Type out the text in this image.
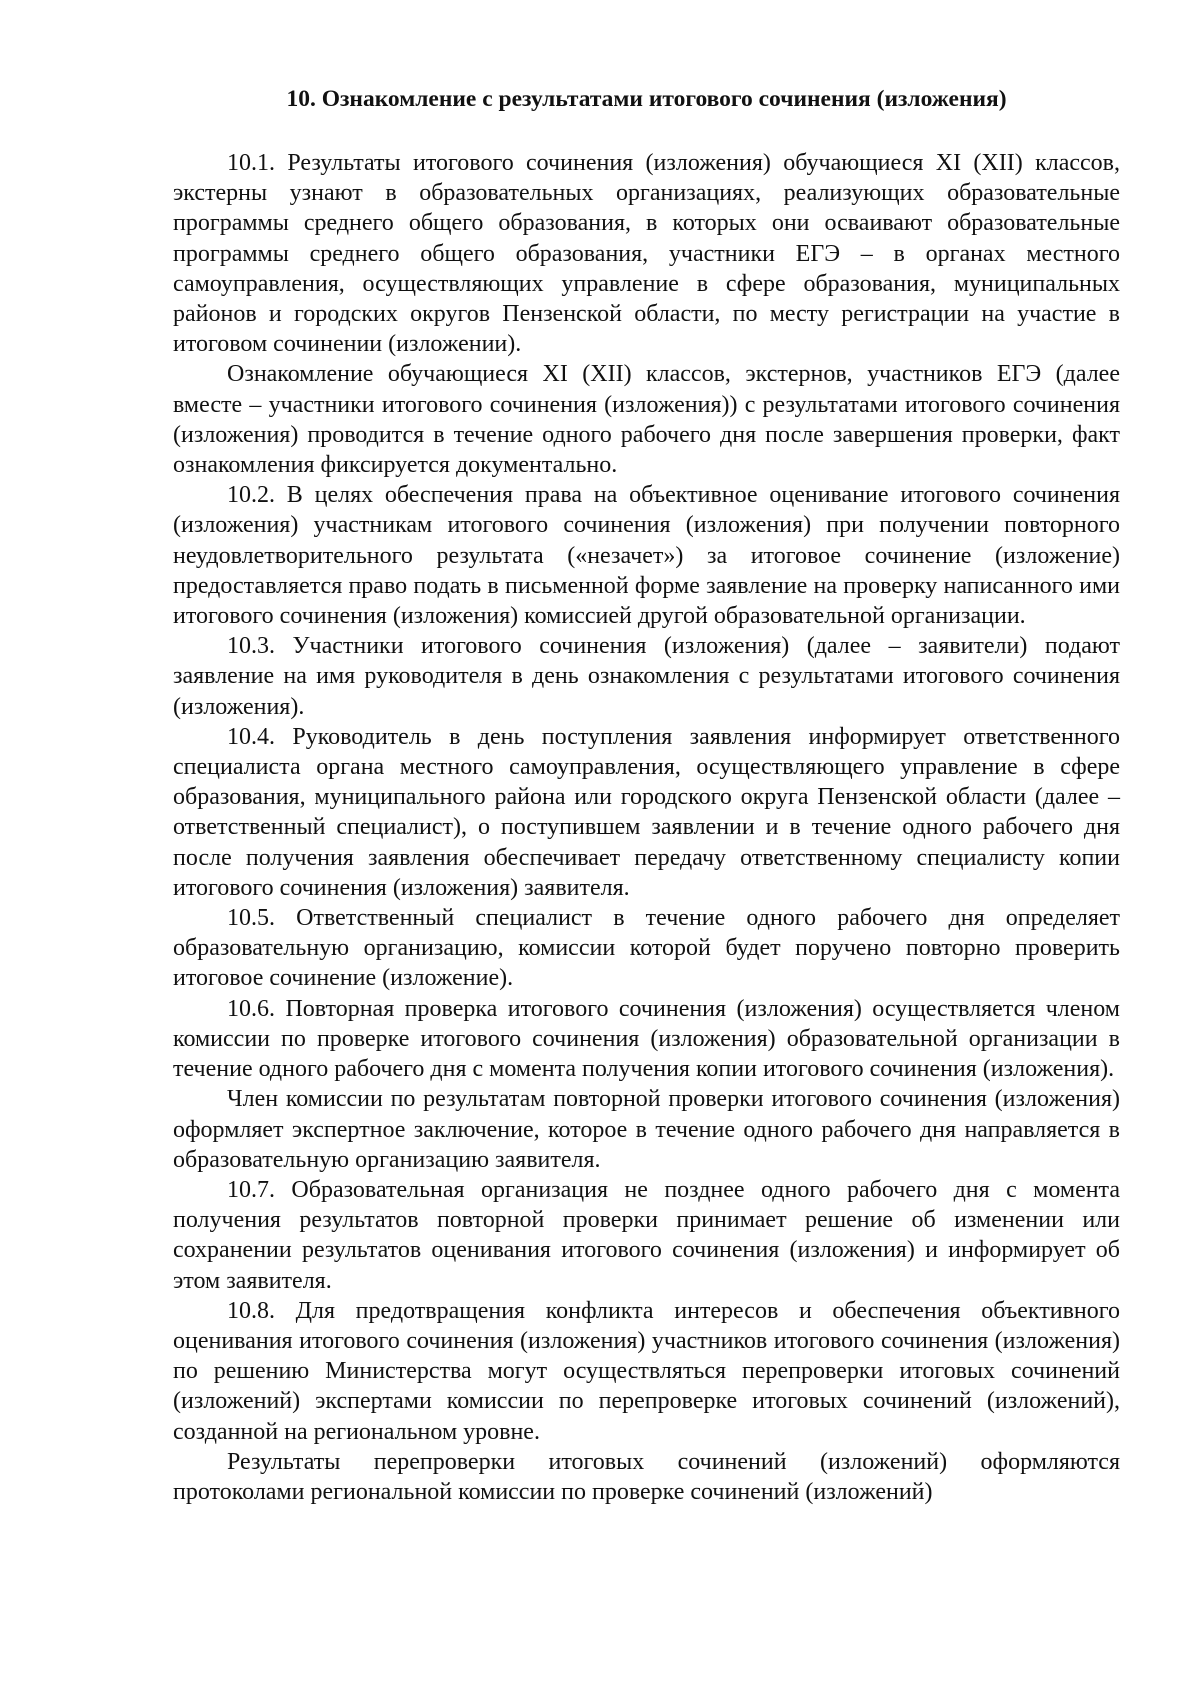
10. Ознакомление с результатами итогового сочинения (изложения)

10.1. Результаты итогового сочинения (изложения) обучающиеся XI (XII) классов, экстерны узнают в образовательных организациях, реализующих образовательные программы среднего общего образования, в которых они осваивают образовательные программы среднего общего образования, участники ЕГЭ – в органах местного самоуправления, осуществляющих управление в сфере образования, муниципальных районов и городских округов Пензенской области, по месту регистрации на участие в итоговом сочинении (изложении).

Ознакомление обучающиеся XI (XII) классов, экстернов, участников ЕГЭ (далее вместе – участники итогового сочинения (изложения)) с результатами итогового сочинения (изложения) проводится в течение одного рабочего дня после завершения проверки, факт ознакомления фиксируется документально.

10.2. В целях обеспечения права на объективное оценивание итогового сочинения (изложения) участникам итогового сочинения (изложения) при получении повторного неудовлетворительного результата («незачет») за итоговое сочинение (изложение) предоставляется право подать в письменной форме заявление на проверку написанного ими итогового сочинения (изложения) комиссией другой образовательной организации.

10.3. Участники итогового сочинения (изложения) (далее – заявители) подают заявление на имя руководителя в день ознакомления с результатами итогового сочинения (изложения).

10.4. Руководитель в день поступления заявления информирует ответственного специалиста органа местного самоуправления, осуществляющего управление в сфере образования, муниципального района или городского округа Пензенской области (далее – ответственный специалист), о поступившем заявлении и в течение одного рабочего дня после получения заявления обеспечивает передачу ответственному специалисту копии итогового сочинения (изложения) заявителя.

10.5. Ответственный специалист в течение одного рабочего дня определяет образовательную организацию, комиссии которой будет поручено повторно проверить итоговое сочинение (изложение).

10.6. Повторная проверка итогового сочинения (изложения) осуществляется членом комиссии по проверке итогового сочинения (изложения) образовательной организации в течение одного рабочего дня с момента получения копии итогового сочинения (изложения).

Член комиссии по результатам повторной проверки итогового сочинения (изложения) оформляет экспертное заключение, которое в течение одного рабочего дня направляется в образовательную организацию заявителя.

10.7. Образовательная организация не позднее одного рабочего дня с момента получения результатов повторной проверки принимает решение об изменении или сохранении результатов оценивания итогового сочинения (изложения) и информирует об этом заявителя.

10.8. Для предотвращения конфликта интересов и обеспечения объективного оценивания итогового сочинения (изложения) участников итогового сочинения (изложения) по решению Министерства могут осуществляться перепроверки итоговых сочинений (изложений) экспертами комиссии по перепроверке итоговых сочинений (изложений), созданной на региональном уровне.

Результаты перепроверки итоговых сочинений (изложений) оформляются протоколами региональной комиссии по проверке сочинений (изложений)
